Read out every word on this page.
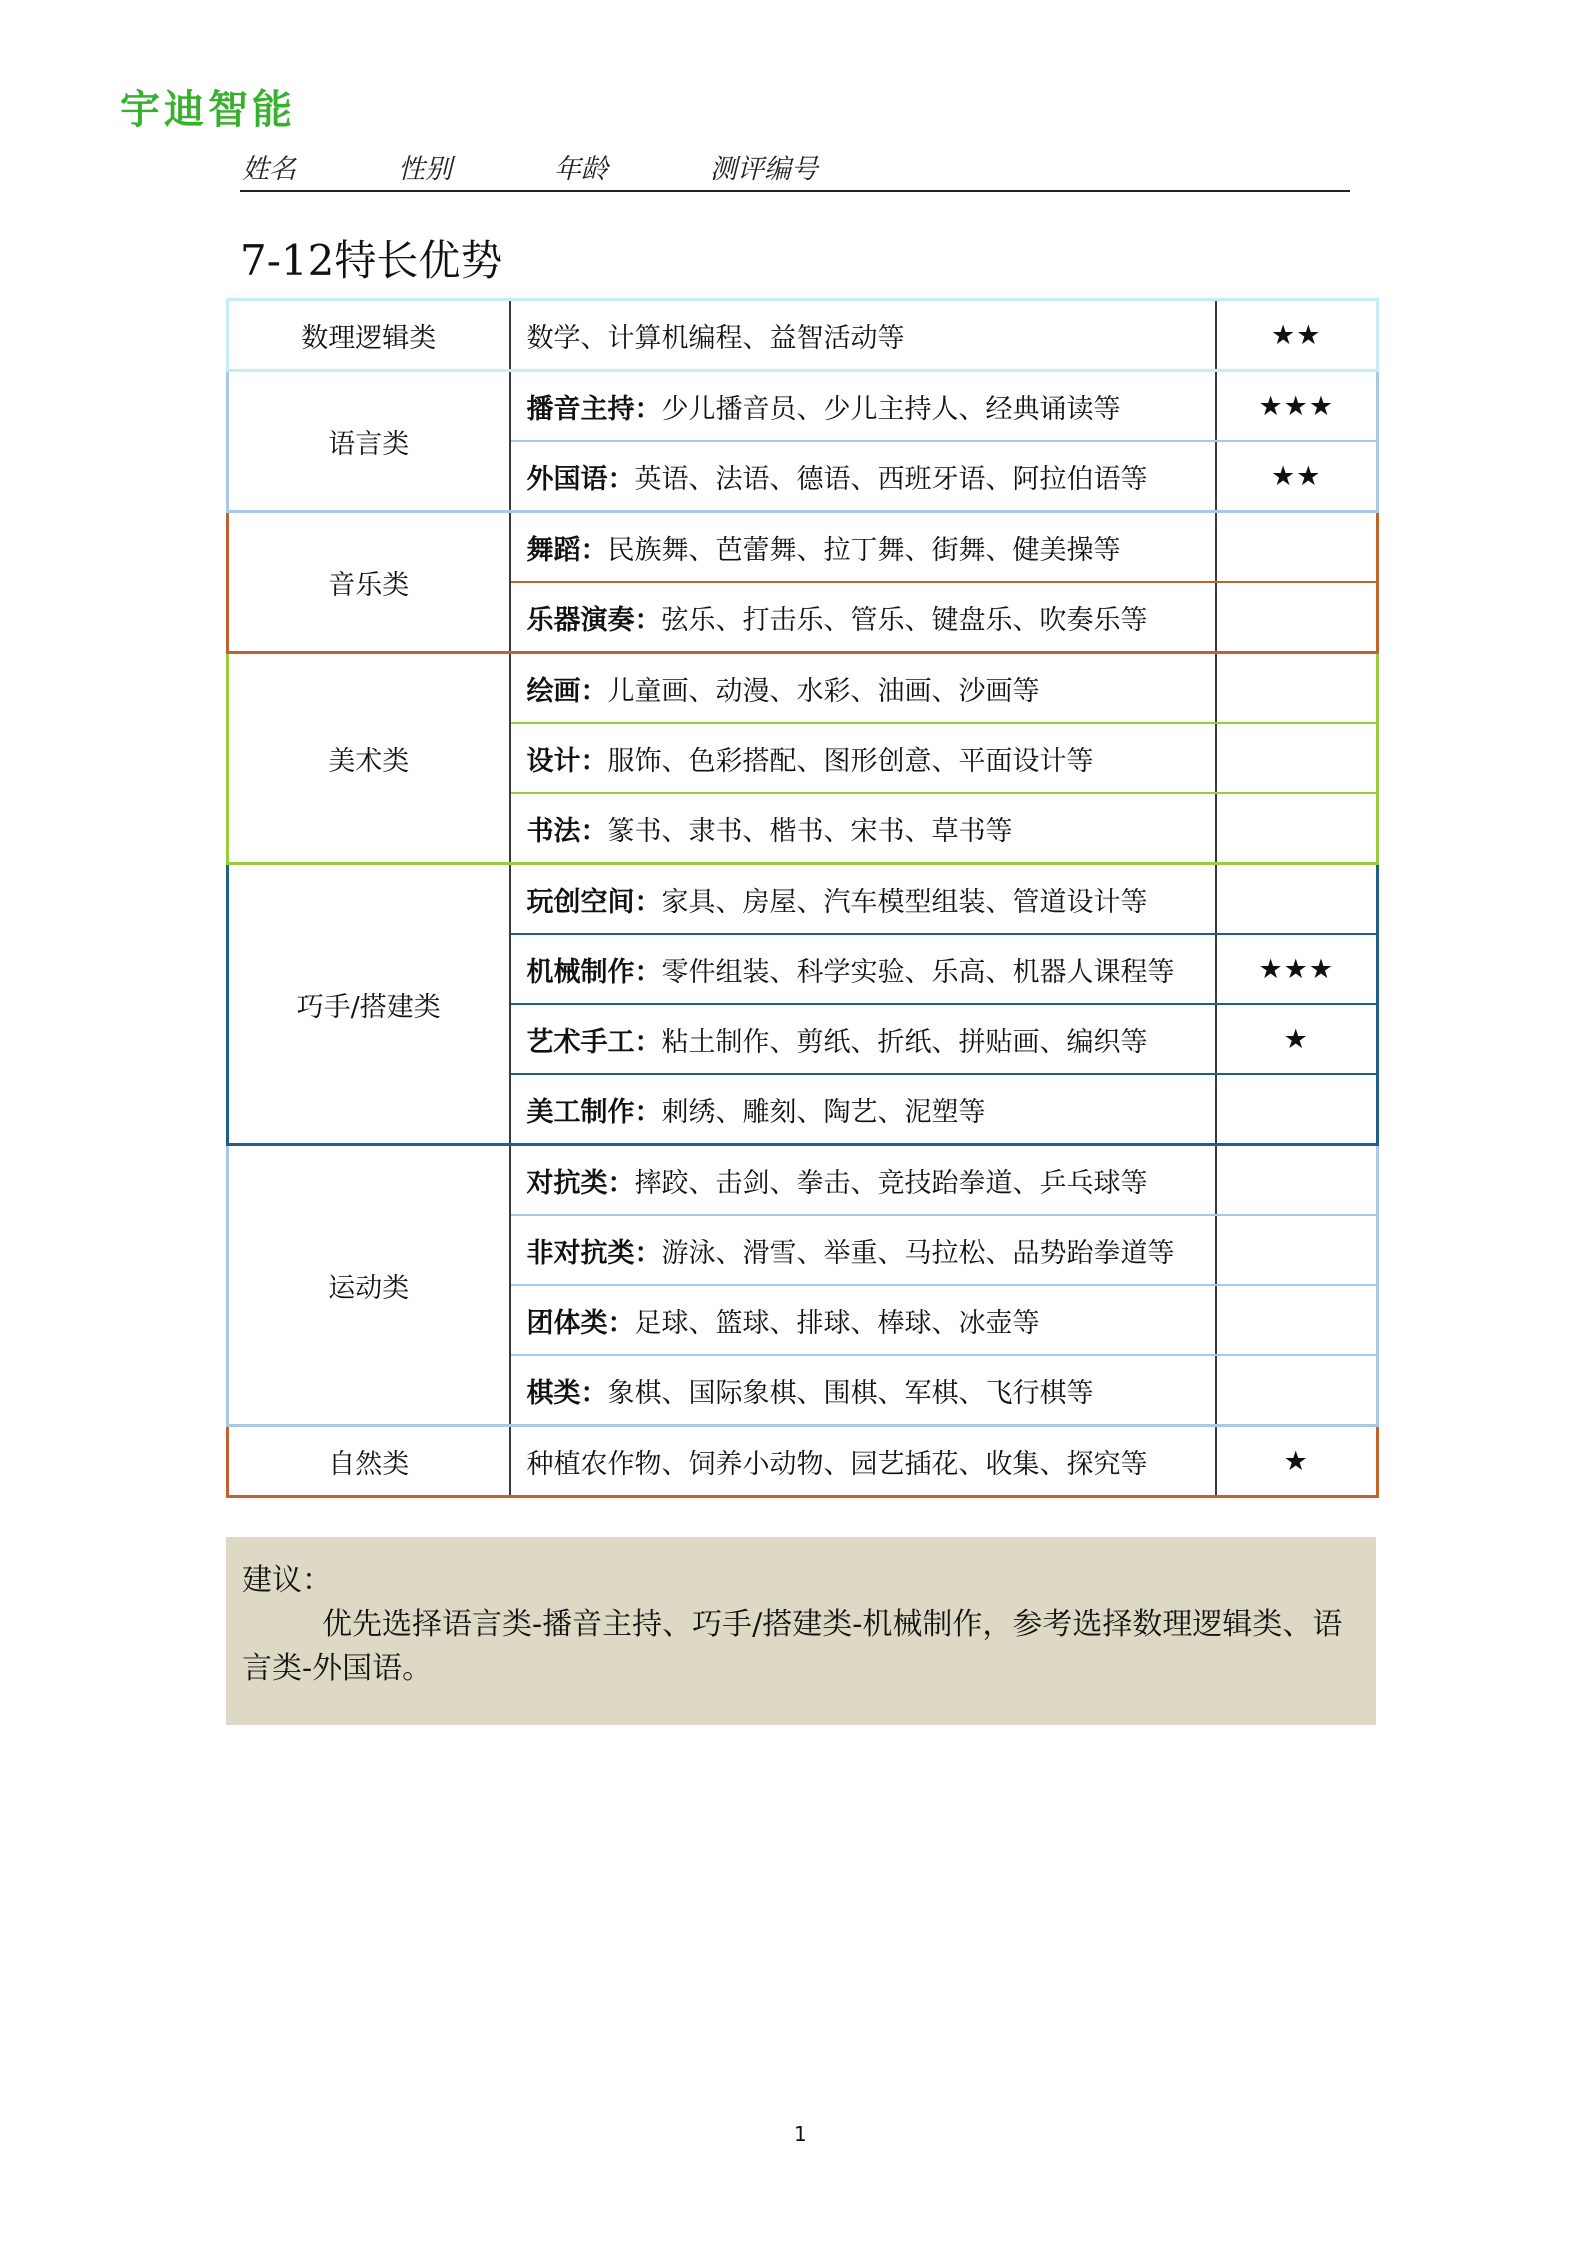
宇迪智能
姓名	性别	年龄	测评编号
7-12特长优势
数理逻辑类	数学、计算机编程、益智活动等	★★
语言类	播音主持：少儿播音员、少儿主持人、经典诵读等	★★★
	外国语：英语、法语、德语、西班牙语、阿拉伯语等	★★
音乐类	舞蹈：民族舞、芭蕾舞、拉丁舞、街舞、健美操等	
	乐器演奏：弦乐、打击乐、管乐、键盘乐、吹奏乐等	
美术类	绘画：儿童画、动漫、水彩、油画、沙画等	
	设计：服饰、色彩搭配、图形创意、平面设计等	
	书法：篆书、隶书、楷书、宋书、草书等	
巧手/搭建类	玩创空间：家具、房屋、汽车模型组装、管道设计等	
	机械制作：零件组装、科学实验、乐高、机器人课程等	★★★
	艺术手工：粘土制作、剪纸、折纸、拼贴画、编织等	★
	美工制作：刺绣、雕刻、陶艺、泥塑等	
运动类	对抗类：摔跤、击剑、拳击、竞技跆拳道、乒乓球等	
	非对抗类：游泳、滑雪、举重、马拉松、品势跆拳道等	
	团体类：足球、篮球、排球、棒球、冰壶等	
	棋类：象棋、国际象棋、围棋、军棋、飞行棋等	
自然类	种植农作物、饲养小动物、园艺插花、收集、探究等	★
建议：
优先选择语言类-播音主持、巧手/搭建类-机械制作，参考选择数理逻辑类、语言类-外国语。
1
